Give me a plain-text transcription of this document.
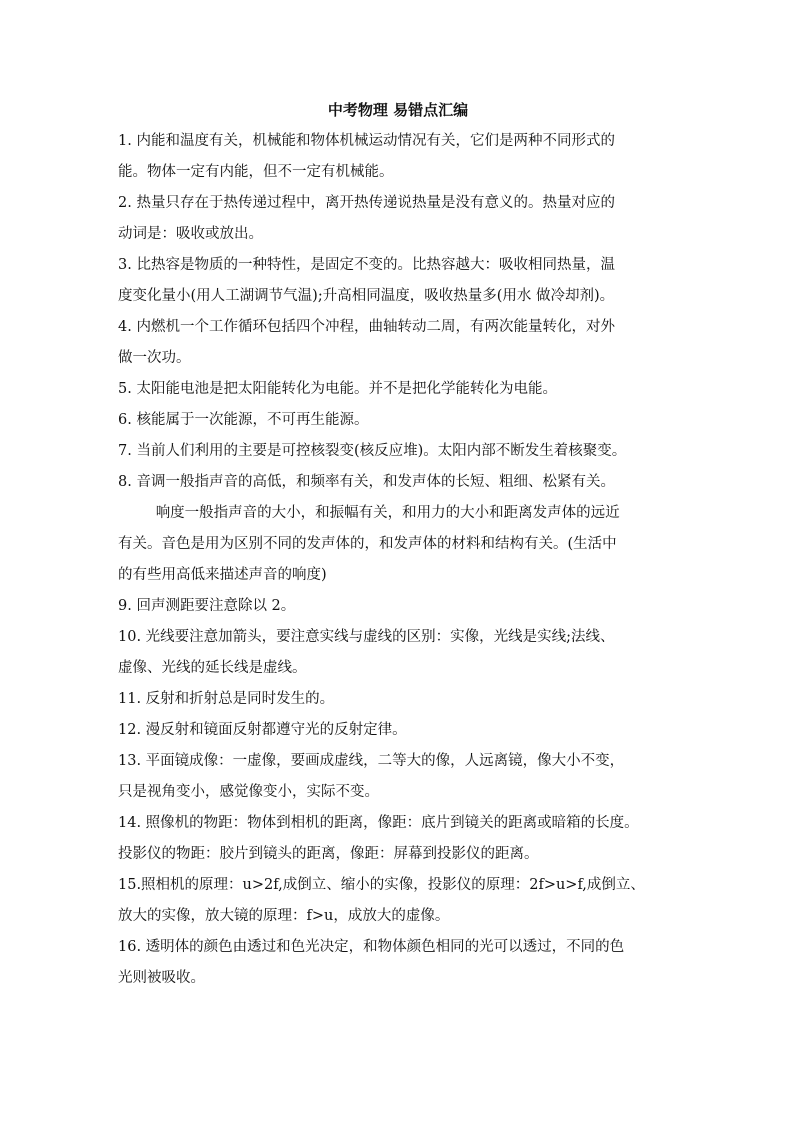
中考物理 易错点汇编
1. 内能和温度有关，机械能和物体机械运动情况有关，它们是两种不同形式的
能。物体一定有内能，但不一定有机械能。
2. 热量只存在于热传递过程中，离开热传递说热量是没有意义的。热量对应的
动词是：吸收或放出。
3. 比热容是物质的一种特性，是固定不变的。比热容越大：吸收相同热量，温
度变化量小(用人工湖调节气温);升高相同温度，吸收热量多(用水 做冷却剂)。
4. 内燃机一个工作循环包括四个冲程，曲轴转动二周，有两次能量转化，对外
做一次功。
5. 太阳能电池是把太阳能转化为电能。并不是把化学能转化为电能。
6. 核能属于一次能源，不可再生能源。
7. 当前人们利用的主要是可控核裂变(核反应堆)。太阳内部不断发生着核聚变。
8. 音调一般指声音的高低，和频率有关，和发声体的长短、粗细、松紧有关。
响度一般指声音的大小，和振幅有关，和用力的大小和距离发声体的远近
有关。音色是用为区别不同的发声体的，和发声体的材料和结构有关。(生活中
的有些用高低来描述声音的响度)
9. 回声测距要注意除以 2。
10. 光线要注意加箭头，要注意实线与虚线的区别：实像，光线是实线;法线、
虚像、光线的延长线是虚线。
11. 反射和折射总是同时发生的。
12. 漫反射和镜面反射都遵守光的反射定律。
13. 平面镜成像：一虚像，要画成虚线，二等大的像，人远离镜，像大小不变，
只是视角变小，感觉像变小，实际不变。
14. 照像机的物距：物体到相机的距离，像距：底片到镜关的距离或暗箱的长度。
投影仪的物距：胶片到镜头的距离，像距：屏幕到投影仪的距离。
15.照相机的原理：u>2f,成倒立、缩小的实像，投影仪的原理：2f>u>f,成倒立、
放大的实像，放大镜的原理：f>u，成放大的虚像。
16. 透明体的颜色由透过和色光决定，和物体颜色相同的光可以透过，不同的色
光则被吸收。
